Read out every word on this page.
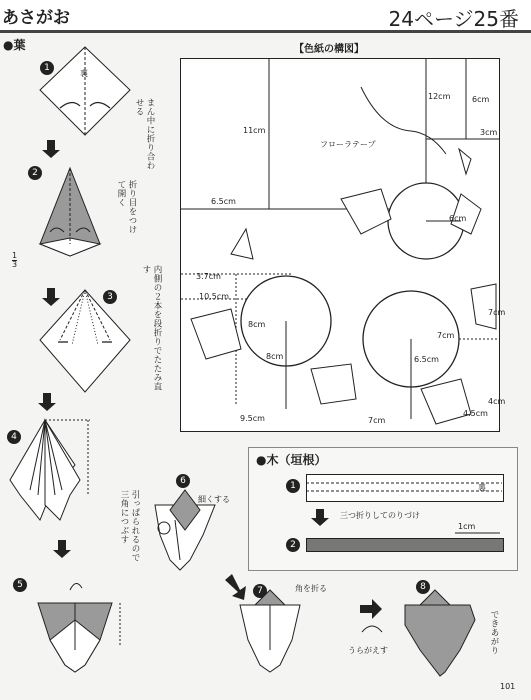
あさがお	24ページ25番
●葉
1
2
3
4
5
6
7	8
1
3
裏
まん中に折り合わせる
折り目をつけて開く
内側の２本を段折りでたたみ直す
細くする
引っぱられるので三角につぶす
角を折る
うらがえす	できあがり
【色紙の構図】
フローラテープ
12cm	6cm
11cm	3cm
6.5cm
6cm
3.7cm
10.5cm
8cm
8cm
7cm
7cm
6.5cm
4cm
9.5cm	7cm
4.5cm
●木（垣根）
1
2
裏
三つ折りしてのりづけ
1cm
101
